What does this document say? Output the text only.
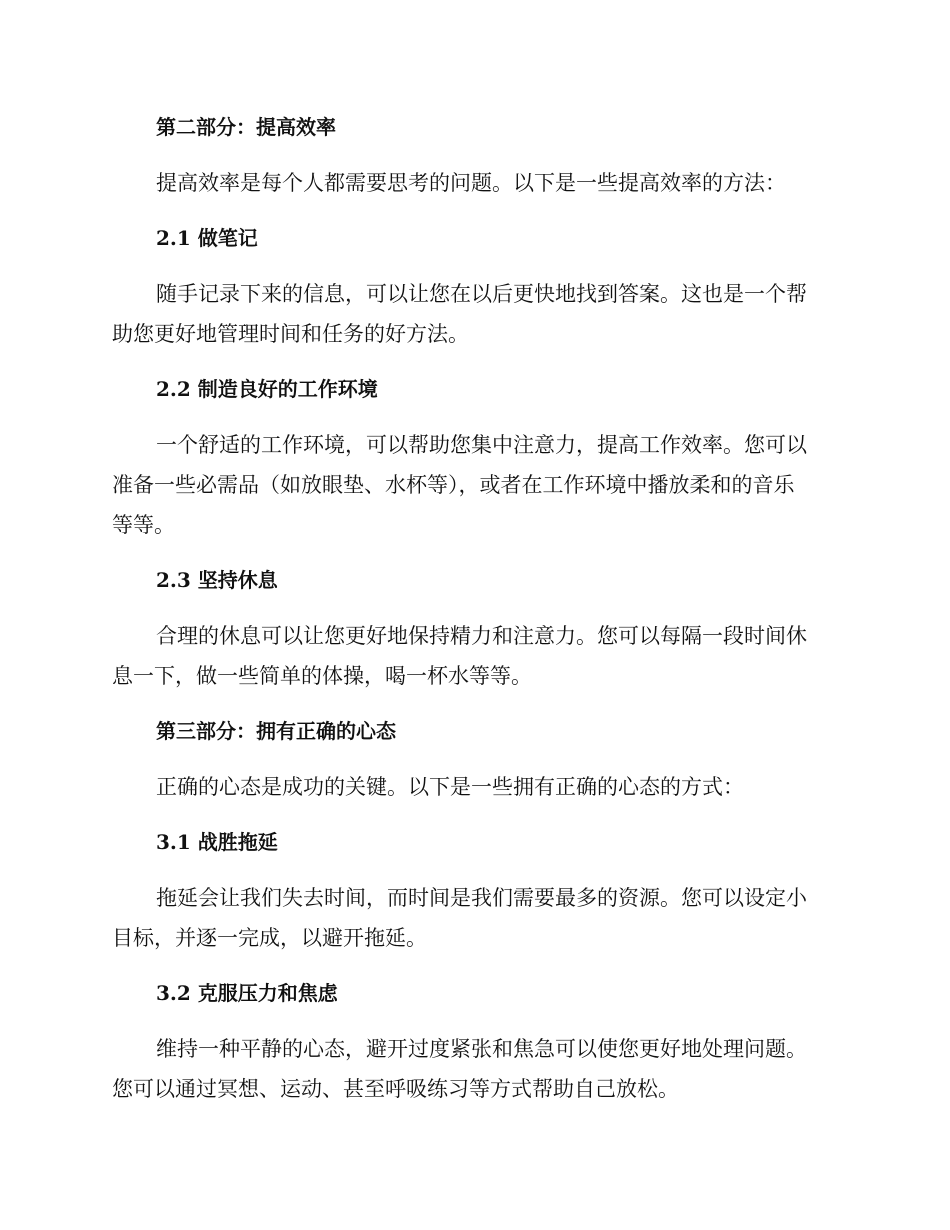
第二部分：提高效率
提高效率是每个人都需要思考的问题。以下是一些提高效率的方法：
2.1 做笔记
随手记录下来的信息，可以让您在以后更快地找到答案。这也是一个帮
助您更好地管理时间和任务的好方法。
2.2 制造良好的工作环境
一个舒适的工作环境，可以帮助您集中注意力，提高工作效率。您可以
准备一些必需品（如放眼垫、水杯等），或者在工作环境中播放柔和的音乐
等等。
2.3 坚持休息
合理的休息可以让您更好地保持精力和注意力。您可以每隔一段时间休
息一下，做一些简单的体操，喝一杯水等等。
第三部分：拥有正确的心态
正确的心态是成功的关键。以下是一些拥有正确的心态的方式：
3.1 战胜拖延
拖延会让我们失去时间，而时间是我们需要最多的资源。您可以设定小
目标，并逐一完成，以避开拖延。
3.2 克服压力和焦虑
维持一种平静的心态，避开过度紧张和焦急可以使您更好地处理问题。
您可以通过冥想、运动、甚至呼吸练习等方式帮助自己放松。
